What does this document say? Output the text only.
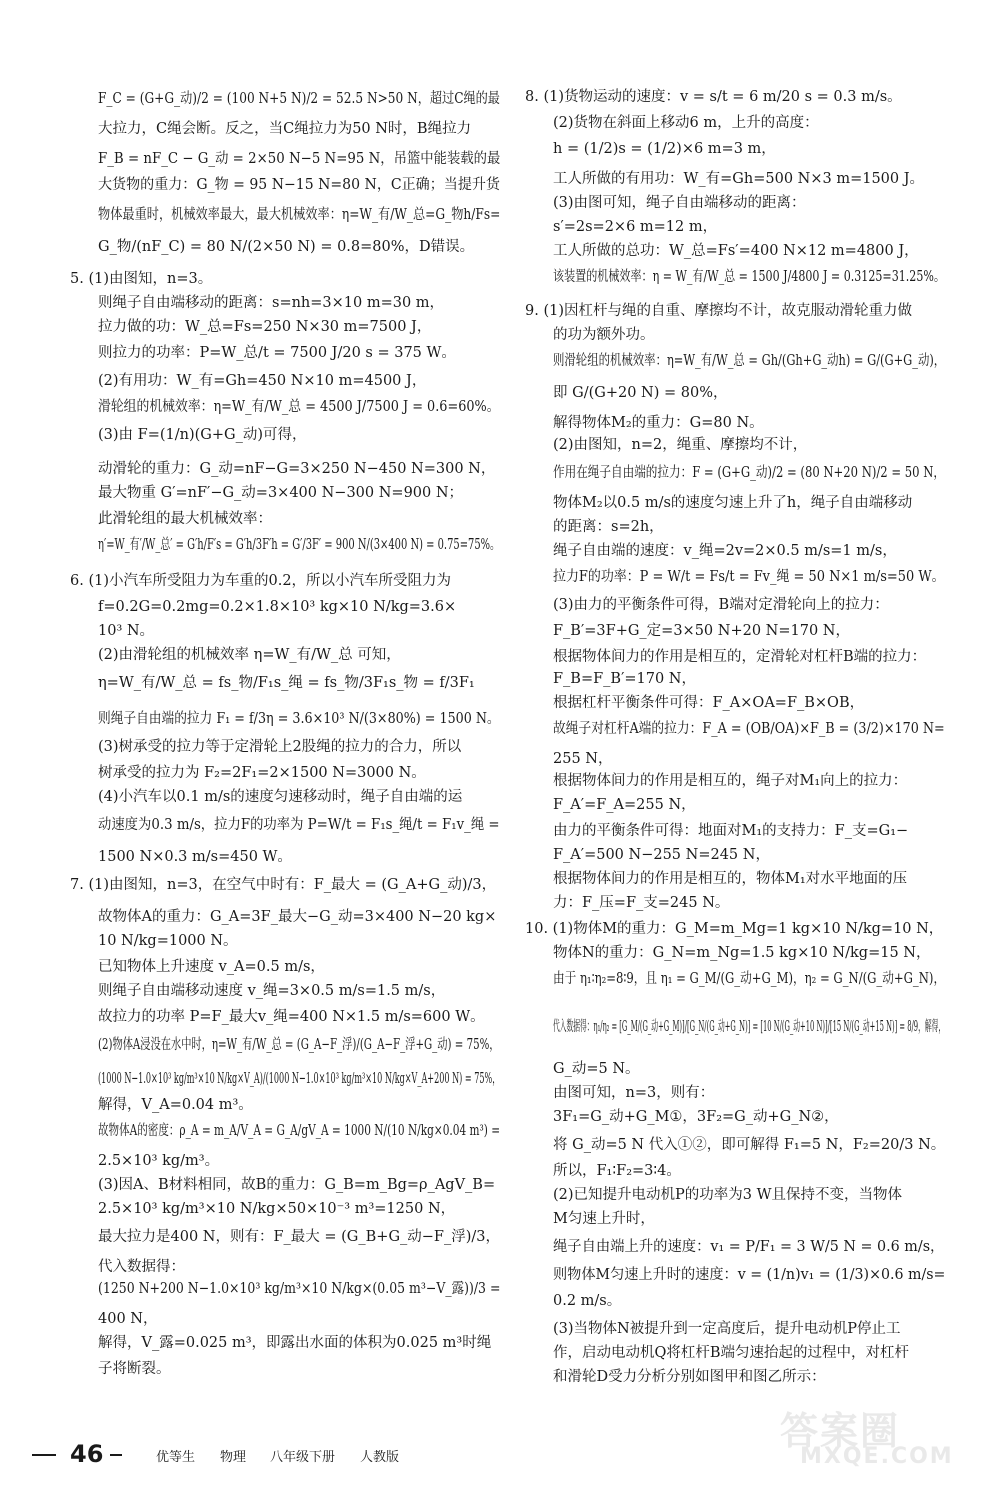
F_C = (G+G_动)/2 = (100 N+5 N)/2 = 52.5 N>50 N，超过C绳的最
大拉力，C绳会断。反之，当C绳拉力为50 N时，B绳拉力
F_B = nF_C − G_动 = 2×50 N−5 N=95 N，吊篮中能装载的最
大货物的重力：G_物 = 95 N−15 N=80 N，C正确；当提升货
物体最重时，机械效率最大，最大机械效率：η=W_有/W_总=G_物h/Fs=
G_物/(nF_C) = 80 N/(2×50 N) = 0.8=80%，D错误。
5. (1)由图知，n=3。
则绳子自由端移动的距离：s=nh=3×10 m=30 m，
拉力做的功：W_总=Fs=250 N×30 m=7500 J，
则拉力的功率：P=W_总/t = 7500 J/20 s = 375 W。
(2)有用功：W_有=Gh=450 N×10 m=4500 J，
滑轮组的机械效率：η=W_有/W_总 = 4500 J/7500 J = 0.6=60%。
(3)由 F=(1/n)(G+G_动)可得，
动滑轮的重力：G_动=nF−G=3×250 N−450 N=300 N，
最大物重 G′=nF′−G_动=3×400 N−300 N=900 N；
此滑轮组的最大机械效率：
η′=W_有′/W_总′ = G′h/F′s = G′h/3F′h = G′/3F′ = 900 N/(3×400 N) = 0.75=75%。
6. (1)小汽车所受阻力为车重的0.2，所以小汽车所受阻力为
f=0.2G=0.2mg=0.2×1.8×10³ kg×10 N/kg=3.6×
10³ N。
(2)由滑轮组的机械效率 η=W_有/W_总 可知，
η=W_有/W_总 = fs_物/F₁s_绳 = fs_物/3F₁s_物 = f/3F₁
则绳子自由端的拉力 F₁ = f/3η = 3.6×10³ N/(3×80%) = 1500 N。
(3)树承受的拉力等于定滑轮上2股绳的拉力的合力，所以
树承受的拉力为 F₂=2F₁=2×1500 N=3000 N。
(4)小汽车以0.1 m/s的速度匀速移动时，绳子自由端的运
动速度为0.3 m/s，拉力F的功率为 P=W/t = F₁s_绳/t = F₁v_绳 =
1500 N×0.3 m/s=450 W。
7. (1)由图知，n=3，在空气中时有：F_最大 = (G_A+G_动)/3，
故物体A的重力：G_A=3F_最大−G_动=3×400 N−20 kg×
10 N/kg=1000 N。
已知物体上升速度 v_A=0.5 m/s，
则绳子自由端移动速度 v_绳=3×0.5 m/s=1.5 m/s，
故拉力的功率 P=F_最大v_绳=400 N×1.5 m/s=600 W。
(2)物体A浸没在水中时，η=W_有/W_总 = (G_A−F_浮)/(G_A−F_浮+G_动) = 75%，
(1000 N−1.0×10³ kg/m³×10 N/kg×V_A)/(1000 N−1.0×10³ kg/m³×10 N/kg×V_A+200 N) = 75%，
解得，V_A=0.04 m³。
故物体A的密度：ρ_A = m_A/V_A = G_A/gV_A = 1000 N/(10 N/kg×0.04 m³) =
2.5×10³ kg/m³。
(3)因A、B材料相同，故B的重力：G_B=m_Bg=ρ_AgV_B=
2.5×10³ kg/m³×10 N/kg×50×10⁻³ m³=1250 N，
最大拉力是400 N，则有：F_最大 = (G_B+G_动−F_浮)/3，
代入数据得：
(1250 N+200 N−1.0×10³ kg/m³×10 N/kg×(0.05 m³−V_露))/3 =
400 N，
解得，V_露=0.025 m³，即露出水面的体积为0.025 m³时绳
子将断裂。
8. (1)货物运动的速度：v = s/t = 6 m/20 s = 0.3 m/s。
(2)货物在斜面上移动6 m，上升的高度：
h = (1/2)s = (1/2)×6 m=3 m，
工人所做的有用功：W_有=Gh=500 N×3 m=1500 J。
(3)由图可知，绳子自由端移动的距离：
s′=2s=2×6 m=12 m，
工人所做的总功：W_总=Fs′=400 N×12 m=4800 J，
该装置的机械效率：η = W_有/W_总 = 1500 J/4800 J = 0.3125=31.25%。
9. (1)因杠杆与绳的自重、摩擦均不计，故克服动滑轮重力做
的功为额外功。
则滑轮组的机械效率：η=W_有/W_总 = Gh/(Gh+G_动h) = G/(G+G_动)，
即 G/(G+20 N) = 80%，
解得物体M₂的重力：G=80 N。
(2)由图知，n=2，绳重、摩擦均不计，
作用在绳子自由端的拉力：F = (G+G_动)/2 = (80 N+20 N)/2 = 50 N，
物体M₂以0.5 m/s的速度匀速上升了h，绳子自由端移动
的距离：s=2h，
绳子自由端的速度：v_绳=2v=2×0.5 m/s=1 m/s，
拉力F的功率：P = W/t = Fs/t = Fv_绳 = 50 N×1 m/s=50 W。
(3)由力的平衡条件可得，B端对定滑轮向上的拉力：
F_B′=3F+G_定=3×50 N+20 N=170 N，
根据物体间力的作用是相互的，定滑轮对杠杆B端的拉力：
F_B=F_B′=170 N，
根据杠杆平衡条件可得：F_A×OA=F_B×OB，
故绳子对杠杆A端的拉力：F_A = (OB/OA)×F_B = (3/2)×170 N=
255 N，
根据物体间力的作用是相互的，绳子对M₁向上的拉力：
F_A′=F_A=255 N，
由力的平衡条件可得：地面对M₁的支持力：F_支=G₁−
F_A′=500 N−255 N=245 N，
根据物体间力的作用是相互的，物体M₁对水平地面的压
力：F_压=F_支=245 N。
10. (1)物体M的重力：G_M=m_Mg=1 kg×10 N/kg=10 N，
物体N的重力：G_N=m_Ng=1.5 kg×10 N/kg=15 N，
由于 η₁∶η₂=8∶9，且 η₁ = G_M/(G_动+G_M)，η₂ = G_N/(G_动+G_N)，
代入数据得：η₁/η₂ = [G_M/(G_动+G_M)]/[G_N/(G_动+G_N)] = [10 N/(G_动+10 N)]/[15 N/(G_动+15 N)] = 8/9，解得，
G_动=5 N。
由图可知，n=3，则有：
3F₁=G_动+G_M①，3F₂=G_动+G_N②，
将 G_动=5 N 代入①②，即可解得 F₁=5 N，F₂=20/3 N。
所以，F₁∶F₂=3∶4。
(2)已知提升电动机P的功率为3 W且保持不变，当物体
M匀速上升时，
绳子自由端上升的速度：v₁ = P/F₁ = 3 W/5 N = 0.6 m/s，
则物体M匀速上升时的速度：v = (1/n)v₁ = (1/3)×0.6 m/s=
0.2 m/s。
(3)当物体N被提升到一定高度后，提升电动机P停止工
作，启动电动机Q将杠杆B端匀速抬起的过程中，对杠杆
和滑轮D受力分析分别如图甲和图乙所示：
46	优等生 物理 八年级下册 人教版
答案圈
MXQE.COM
